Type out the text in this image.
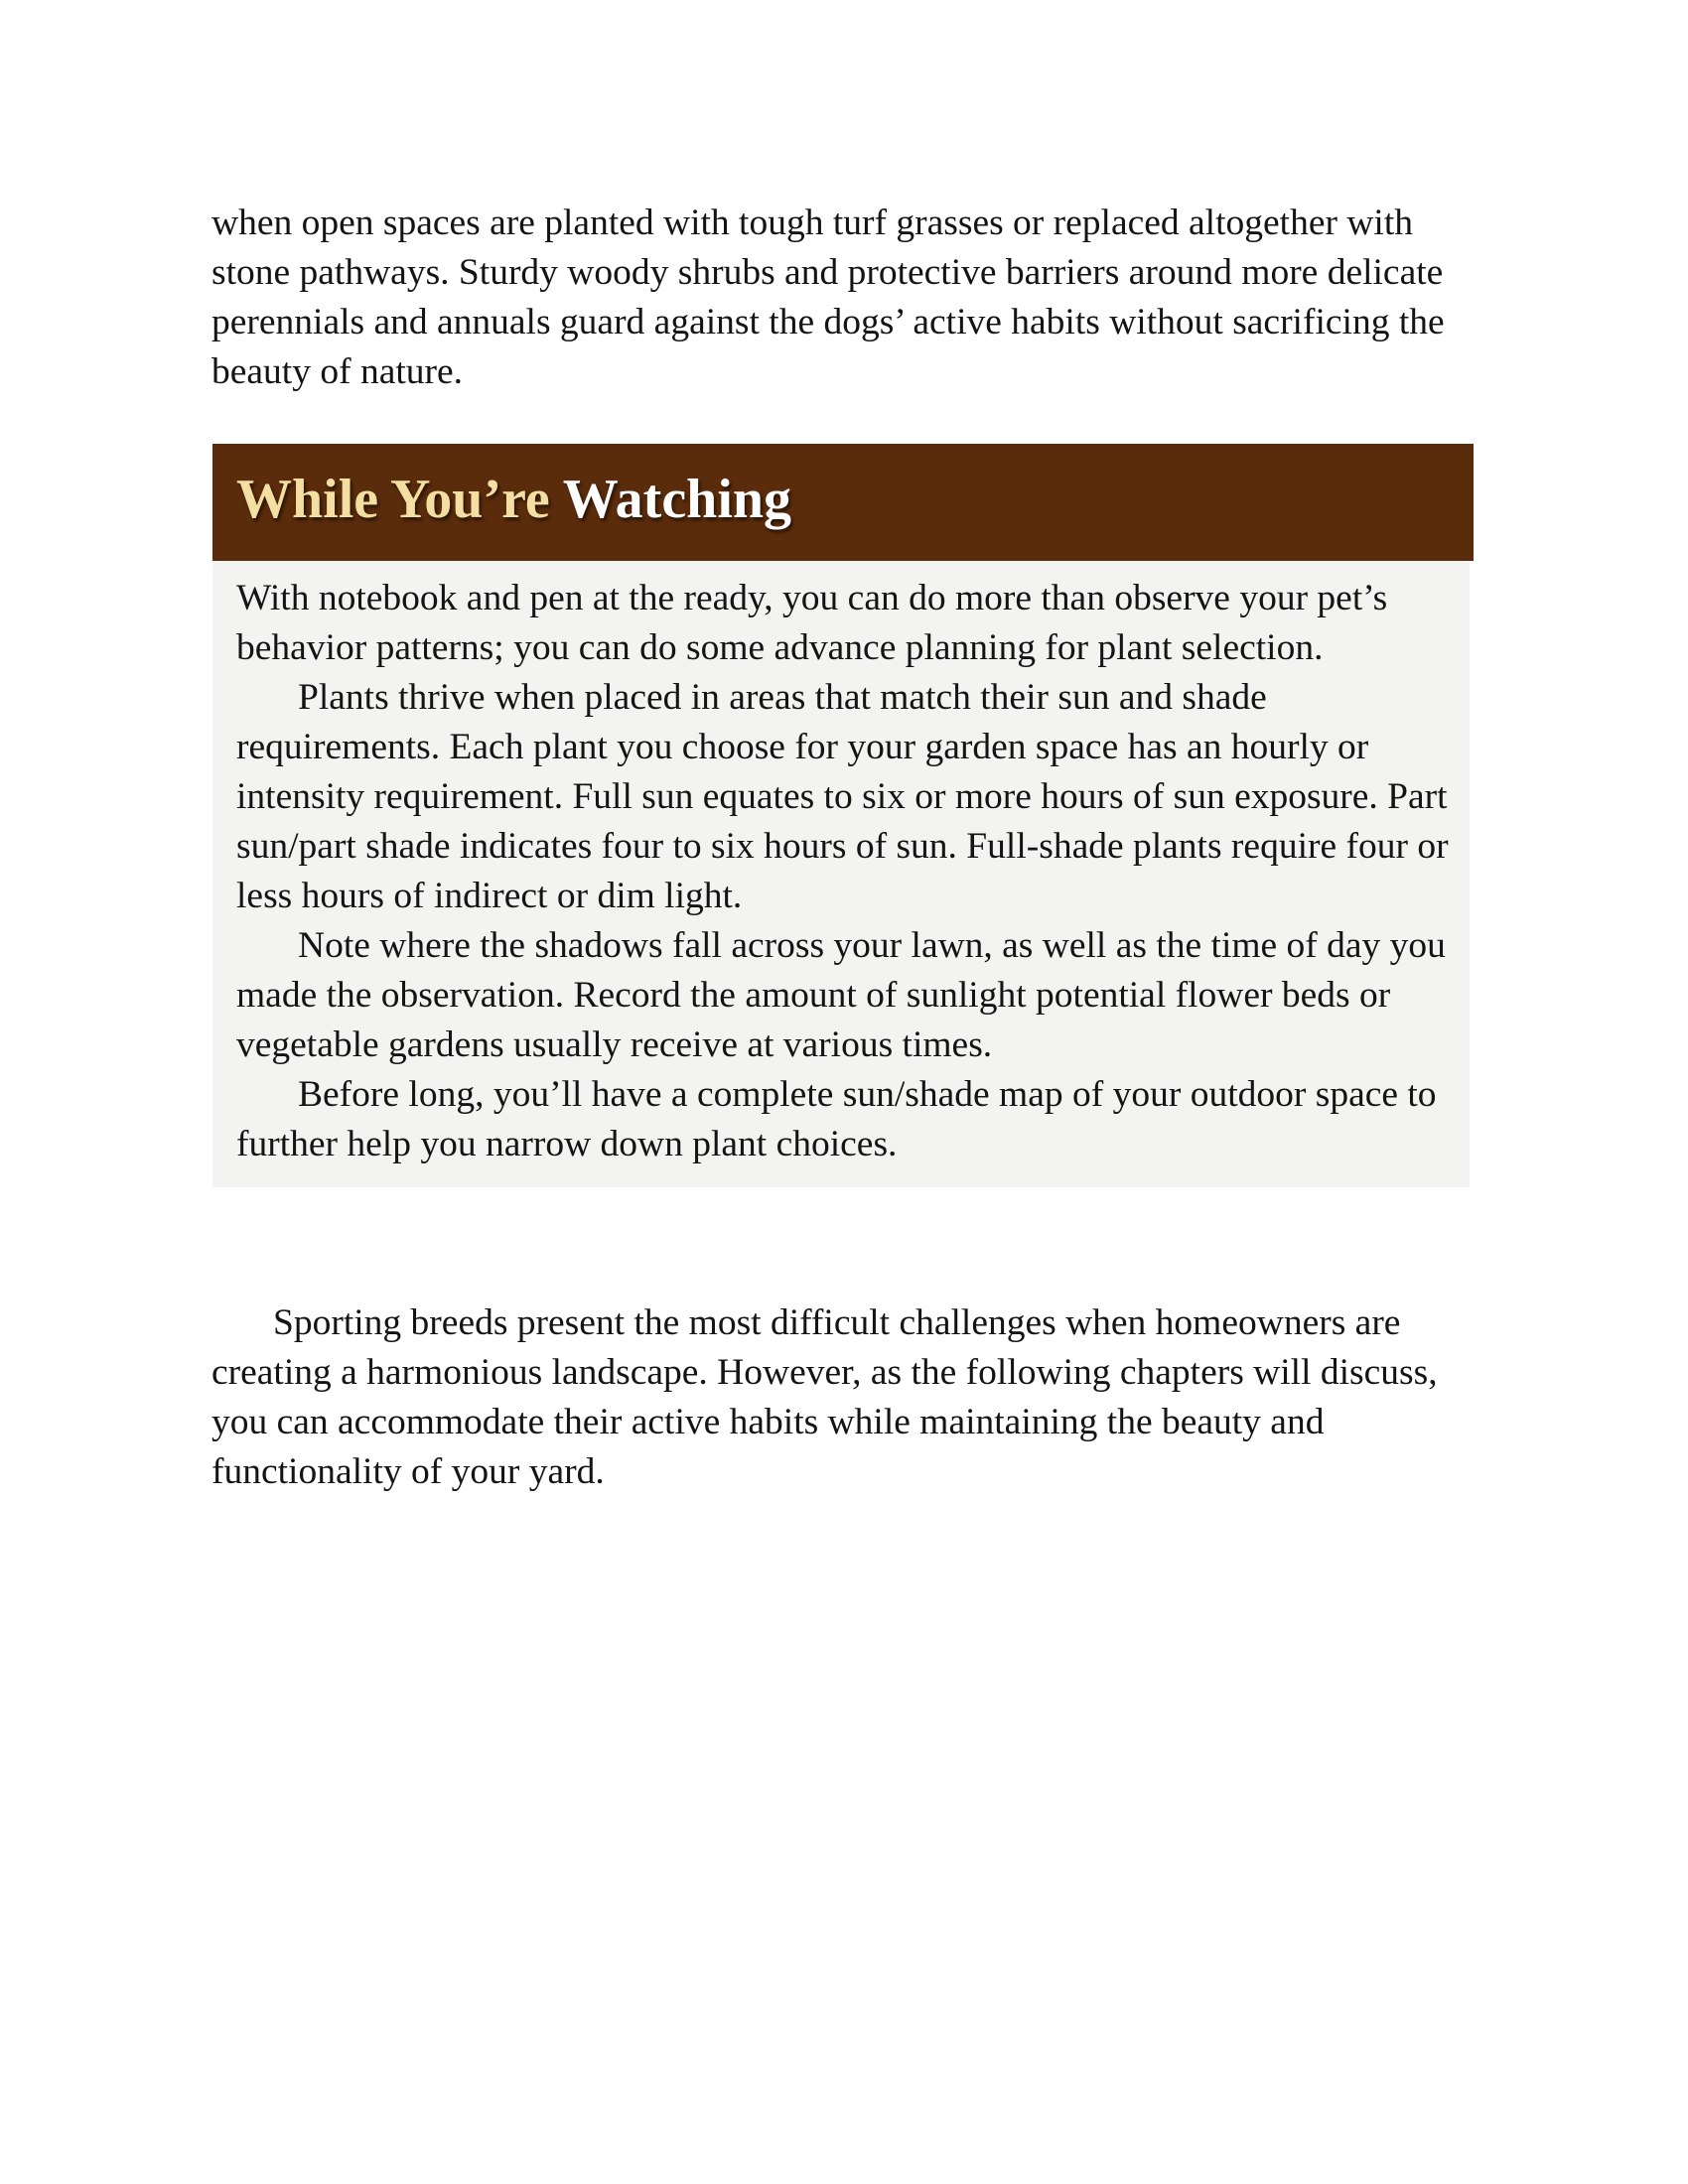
when open spaces are planted with tough turf grasses or replaced altogether with stone pathways. Sturdy woody shrubs and protective barriers around more delicate perennials and annuals guard against the dogs’ active habits without sacrificing the beauty of nature.

While You’re Watching

With notebook and pen at the ready, you can do more than observe your pet’s behavior patterns; you can do some advance planning for plant selection.

Plants thrive when placed in areas that match their sun and shade requirements. Each plant you choose for your garden space has an hourly or intensity requirement. Full sun equates to six or more hours of sun exposure. Part sun/part shade indicates four to six hours of sun. Full-shade plants require four or less hours of indirect or dim light.

Note where the shadows fall across your lawn, as well as the time of day you made the observation. Record the amount of sunlight potential flower beds or vegetable gardens usually receive at various times.

Before long, you’ll have a complete sun/shade map of your outdoor space to further help you narrow down plant choices.

Sporting breeds present the most difficult challenges when homeowners are creating a harmonious landscape. However, as the following chapters will discuss, you can accommodate their active habits while maintaining the beauty and functionality of your yard.
